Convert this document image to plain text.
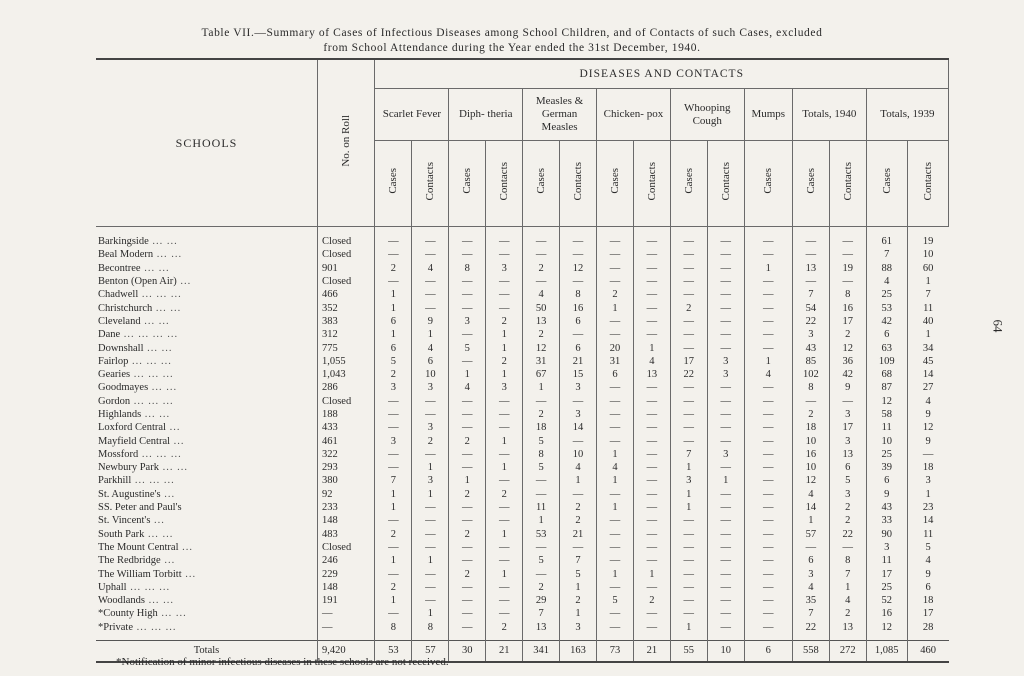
Table VII.—Summary of Cases of Infectious Diseases among School Children, and of Contacts of such Cases, excluded
from School Attendance during the Year ended the 31st December, 1940.
64
SCHOOLS	No. on Roll	DISEASES AND CONTACTS														
		Scarlet Fever		Diph- theria		Measles & German Measles		Chicken- pox		Whooping Cough		Mumps	Totals, 1940		Totals, 1939	
		Cases	Contacts	Cases	Contacts	Cases	Contacts	Cases	Contacts	Cases	Contacts	Cases	Cases	Contacts	Cases	Contacts
Barkingside ... ...	Closed	—	—	—	—	—	—	—	—	—	—	—	—	—	61	19
Beal Modern ... ...	Closed	—	—	—	—	—	—	—	—	—	—	—	—	—	7	10
Becontree ... ...	901	2	4	8	3	2	12	—	—	—	—	1	13	19	88	60
Benton (Open Air) ...	Closed	—	—	—	—	—	—	—	—	—	—	—	—	—	4	1
Chadwell ... ... ...	466	1	—	—	—	4	8	2	—	—	—	—	7	8	25	7
Christchurch ... ...	352	1	—	—	—	50	16	1	—	2	—	—	54	16	53	11
Cleveland ... ...	383	6	9	3	2	13	6	—	—	—	—	—	22	17	42	40
Dane ... ... ... ...	312	1	1	—	1	2	—	—	—	—	—	—	3	2	6	1
Downshall ... ...	775	6	4	5	1	12	6	20	1	—	—	—	43	12	63	34
Fairlop ... ... ...	1,055	5	6	—	2	31	21	31	4	17	3	1	85	36	109	45
Gearies ... ... ...	1,043	2	10	1	1	67	15	6	13	22	3	4	102	42	68	14
Goodmayes ... ...	286	3	3	4	3	1	3	—	—	—	—	—	8	9	87	27
Gordon ... ... ...	Closed	—	—	—	—	—	—	—	—	—	—	—	—	—	12	4
Highlands ... ...	188	—	—	—	—	2	3	—	—	—	—	—	2	3	58	9
Loxford Central ...	433	—	3	—	—	18	14	—	—	—	—	—	18	17	11	12
Mayfield Central ...	461	3	2	2	1	5	—	—	—	—	—	—	10	3	10	9
Mossford ... ... ...	322	—	—	—	—	8	10	1	—	7	3	—	16	13	25	—
Newbury Park ... ...	293	—	1	—	1	5	4	4	—	1	—	—	10	6	39	18
Parkhill ... ... ...	380	7	3	1	—	—	1	1	—	3	1	—	12	5	6	3
St. Augustine's ...	92	1	1	2	2	—	—	—	—	1	—	—	4	3	9	1
SS. Peter and Paul's	233	1	—	—	—	11	2	1	—	1	—	—	14	2	43	23
St. Vincent's ...	148	—	—	—	—	1	2	—	—	—	—	—	1	2	33	14
South Park ... ...	483	2	—	2	1	53	21	—	—	—	—	—	57	22	90	11
The Mount Central ...	Closed	—	—	—	—	—	—	—	—	—	—	—	—	—	3	5
The Redbridge ...	246	1	1	—	—	5	7	—	—	—	—	—	6	8	11	4
The William Torbitt ...	229	—	—	2	1	—	5	1	1	—	—	—	3	7	17	9
Uphall ... ... ...	148	2	—	—	—	2	1	—	—	—	—	—	4	1	25	6
Woodlands ... ...	191	1	—	—	—	29	2	5	2	—	—	—	35	4	52	18
*County High ... ...	—	—	1	—	—	7	1	—	—	—	—	—	7	2	16	17
*Private ... ... ...	—	8	8	—	2	13	3	—	—	1	—	—	22	13	12	28
Totals	9,420	53	57	30	21	341	163	73	21	55	10	6	558	272	1,085	460
*Notification of minor infectious diseases in these schools are not received.
